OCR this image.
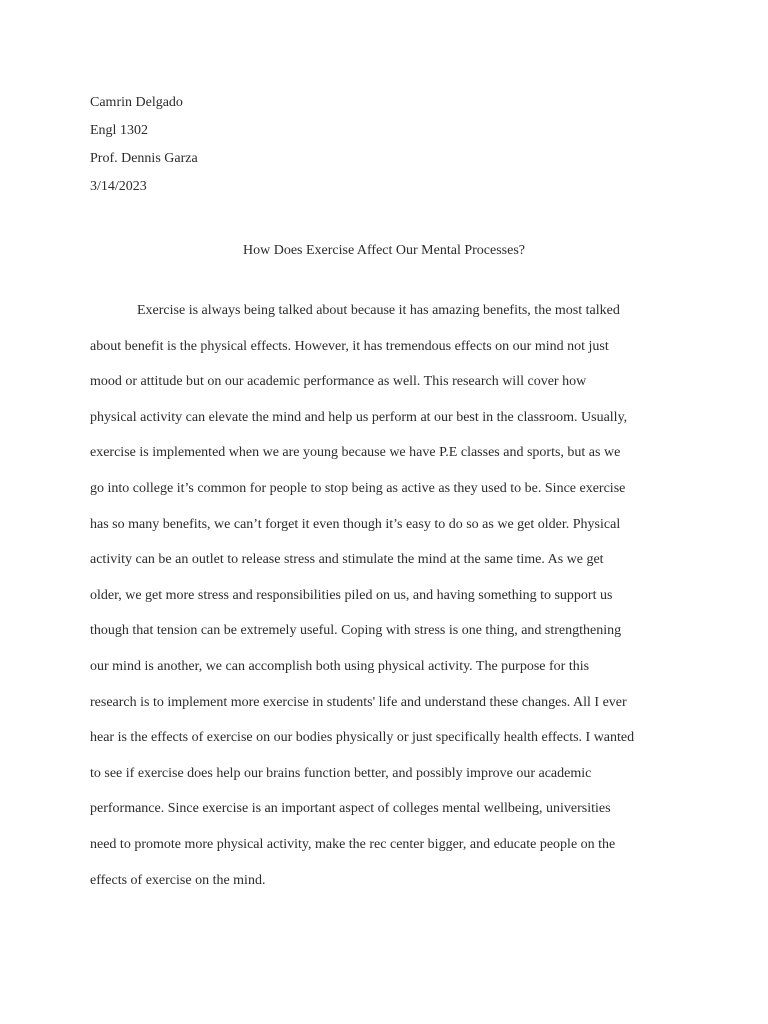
Camrin Delgado
Engl 1302
Prof. Dennis Garza
3/14/2023
How Does Exercise Affect Our Mental Processes?
Exercise is always being talked about because it has amazing benefits, the most talked
about benefit is the physical effects. However, it has tremendous effects on our mind not just
mood or attitude but on our academic performance as well. This research will cover how
physical activity can elevate the mind and help us perform at our best in the classroom. Usually,
exercise is implemented when we are young because we have P.E classes and sports, but as we
go into college it’s common for people to stop being as active as they used to be. Since exercise
has so many benefits, we can’t forget it even though it’s easy to do so as we get older. Physical
activity can be an outlet to release stress and stimulate the mind at the same time. As we get
older, we get more stress and responsibilities piled on us, and having something to support us
though that tension can be extremely useful. Coping with stress is one thing, and strengthening
our mind is another, we can accomplish both using physical activity. The purpose for this
research is to implement more exercise in students' life and understand these changes. All I ever
hear is the effects of exercise on our bodies physically or just specifically health effects. I wanted
to see if exercise does help our brains function better, and possibly improve our academic
performance. Since exercise is an important aspect of colleges mental wellbeing, universities
need to promote more physical activity, make the rec center bigger, and educate people on the
effects of exercise on the mind.
